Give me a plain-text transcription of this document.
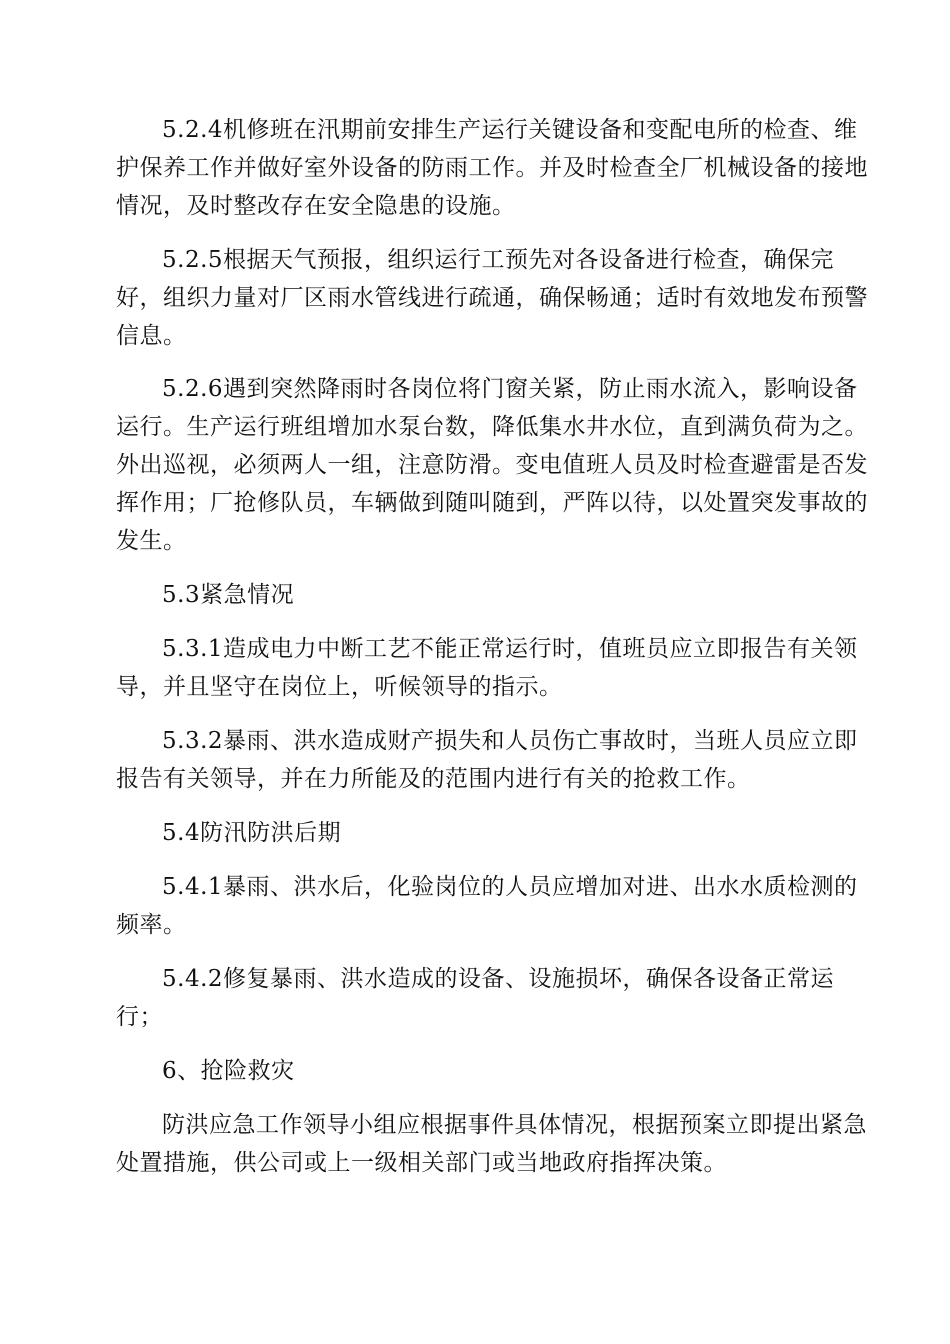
5.2.4机修班在汛期前安排生产运行关键设备和变配电所的检查、维
护保养工作并做好室外设备的防雨工作。并及时检查全厂机械设备的接地
情况，及时整改存在安全隐患的设施。
5.2.5根据天气预报，组织运行工预先对各设备进行检查，确保完
好，组织力量对厂区雨水管线进行疏通，确保畅通；适时有效地发布预警
信息。
5.2.6遇到突然降雨时各岗位将门窗关紧，防止雨水流入，影响设备
运行。生产运行班组增加水泵台数，降低集水井水位，直到满负荷为之。
外出巡视，必须两人一组，注意防滑。变电值班人员及时检查避雷是否发
挥作用；厂抢修队员，车辆做到随叫随到，严阵以待，以处置突发事故的
发生。
5.3紧急情况
5.3.1造成电力中断工艺不能正常运行时，值班员应立即报告有关领
导，并且坚守在岗位上，听候领导的指示。
5.3.2暴雨、洪水造成财产损失和人员伤亡事故时，当班人员应立即
报告有关领导，并在力所能及的范围内进行有关的抢救工作。
5.4防汛防洪后期
5.4.1暴雨、洪水后，化验岗位的人员应增加对进、出水水质检测的
频率。
5.4.2修复暴雨、洪水造成的设备、设施损坏，确保各设备正常运
行；
6、抢险救灾
防洪应急工作领导小组应根据事件具体情况，根据预案立即提出紧急
处置措施，供公司或上一级相关部门或当地政府指挥决策。
